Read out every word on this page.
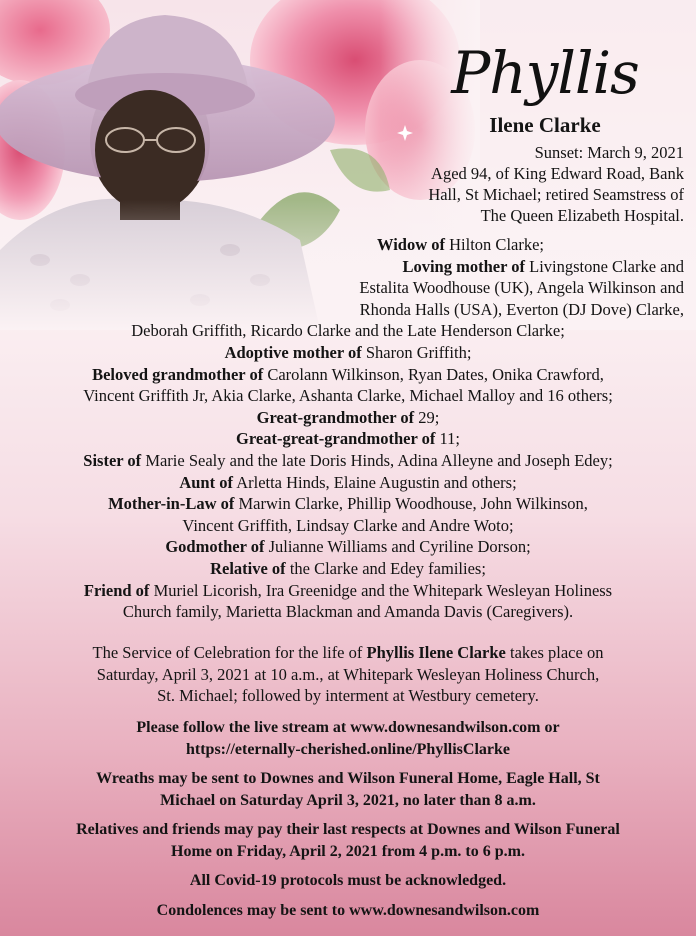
Phyllis
Ilene Clarke
Sunset: March 9, 2021
Aged 94, of King Edward Road, Bank
Hall, St Michael; retired Seamstress of
The Queen Elizabeth Hospital.
Widow of Hilton Clarke;
Loving mother of Livingstone Clarke and
Estalita Woodhouse (UK), Angela Wilkinson and
Rhonda Halls (USA), Everton (DJ Dove) Clarke,
Deborah Griffith, Ricardo Clarke and the Late Henderson Clarke;
Adoptive mother of Sharon Griffith;
Beloved grandmother of Carolann Wilkinson, Ryan Dates, Onika Crawford,
Vincent Griffith Jr, Akia Clarke, Ashanta Clarke, Michael Malloy and 16 others;
Great-grandmother of 29;
Great-great-grandmother of 11;
Sister of Marie Sealy and the late Doris Hinds, Adina Alleyne and Joseph Edey;
Aunt of Arletta Hinds, Elaine Augustin and others;
Mother-in-Law of Marwin Clarke, Phillip Woodhouse, John Wilkinson,
Vincent Griffith, Lindsay Clarke and Andre Woto;
Godmother of Julianne Williams and Cyriline Dorson;
Relative of the Clarke and Edey families;
Friend of Muriel Licorish, Ira Greenidge and the Whitepark Wesleyan Holiness
Church family, Marietta Blackman and Amanda Davis (Caregivers).
The Service of Celebration for the life of Phyllis Ilene Clarke takes place on
Saturday, April 3, 2021 at 10 a.m., at Whitepark Wesleyan Holiness Church,
St. Michael; followed by interment at Westbury cemetery.

Please follow the live stream at www.downesandwilson.com or
https://eternally-cherished.online/PhyllisClarke

Wreaths may be sent to Downes and Wilson Funeral Home, Eagle Hall, St
Michael on Saturday April 3, 2021, no later than 8 a.m.

Relatives and friends may pay their last respects at Downes and Wilson Funeral
Home on Friday, April 2, 2021 from 4 p.m. to 6 p.m.

All Covid-19 protocols must be acknowledged.

Condolences may be sent to www.downesandwilson.com
